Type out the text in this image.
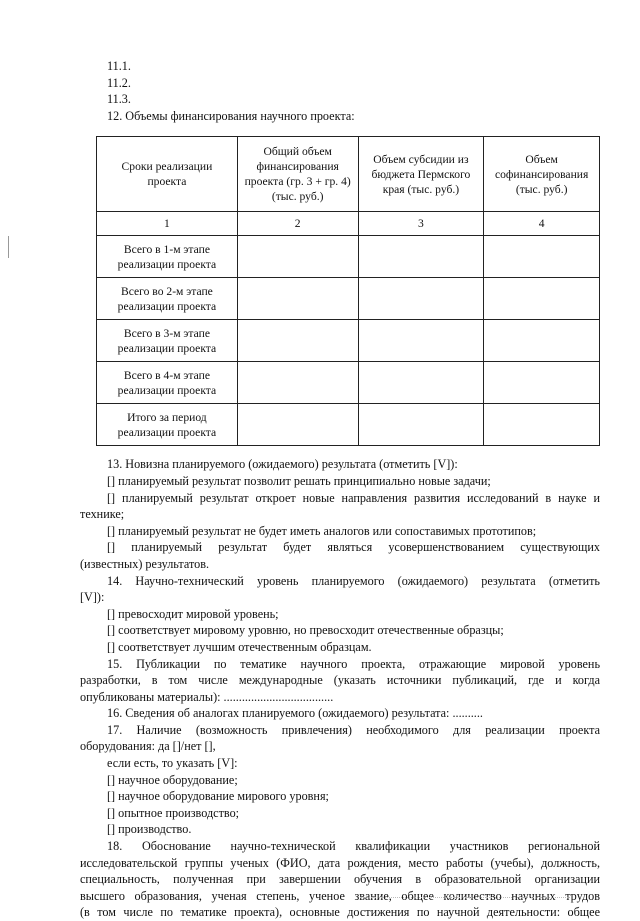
11.1.
11.2.
11.3.
12. Объемы финансирования научного проекта:
Сроки реализации проекта	Общий объем финансирования проекта (гр. 3 + гр. 4) (тыс. руб.)	Объем субсидии из бюджета Пермского края (тыс. руб.)	Объем софинансирования (тыс. руб.)
1	2	3	4
Всего в 1-м этапе реализации проекта			
Всего во 2-м этапе реализации проекта			
Всего в 3-м этапе реализации проекта			
Всего в 4-м этапе реализации проекта			
Итого за период реализации проекта			
13. Новизна планируемого (ожидаемого) результата (отметить [V]):
[] планируемый результат позволит решать принципиально новые задачи;
[] планируемый результат откроет новые направления развития исследований в науке и
технике;
[] планируемый результат не будет иметь аналогов или сопоставимых прототипов;
[] планируемый результат будет являться усовершенствованием существующих
(известных) результатов.
14. Научно-технический уровень планируемого (ожидаемого) результата (отметить
[V]):
[] превосходит мировой уровень;
[] соответствует мировому уровню, но превосходит отечественные образцы;
[] соответствует лучшим отечественным образцам.
15. Публикации по тематике научного проекта, отражающие мировой уровень
разработки, в том числе международные (указать источники публикаций, где и когда
опубликованы материалы): ....................................
16. Сведения об аналогах планируемого (ожидаемого) результата: ..........
17. Наличие (возможность привлечения) необходимого для реализации проекта
оборудования: да []/нет [],
если есть, то указать [V]:
[] научное оборудование;
[] научное оборудование мирового уровня;
[] опытное производство;
[] производство.
18. Обоснование научно-технической квалификации участников региональной
исследовательской группы ученых (ФИО, дата рождения, место работы (учебы), должность,
специальность, полученная при завершении обучения в образовательной организации
высшего образования, ученая степень, ученое звание, общее количество научных трудов
(в том числе по тематике проекта), основные достижения по научной деятельности: общее
